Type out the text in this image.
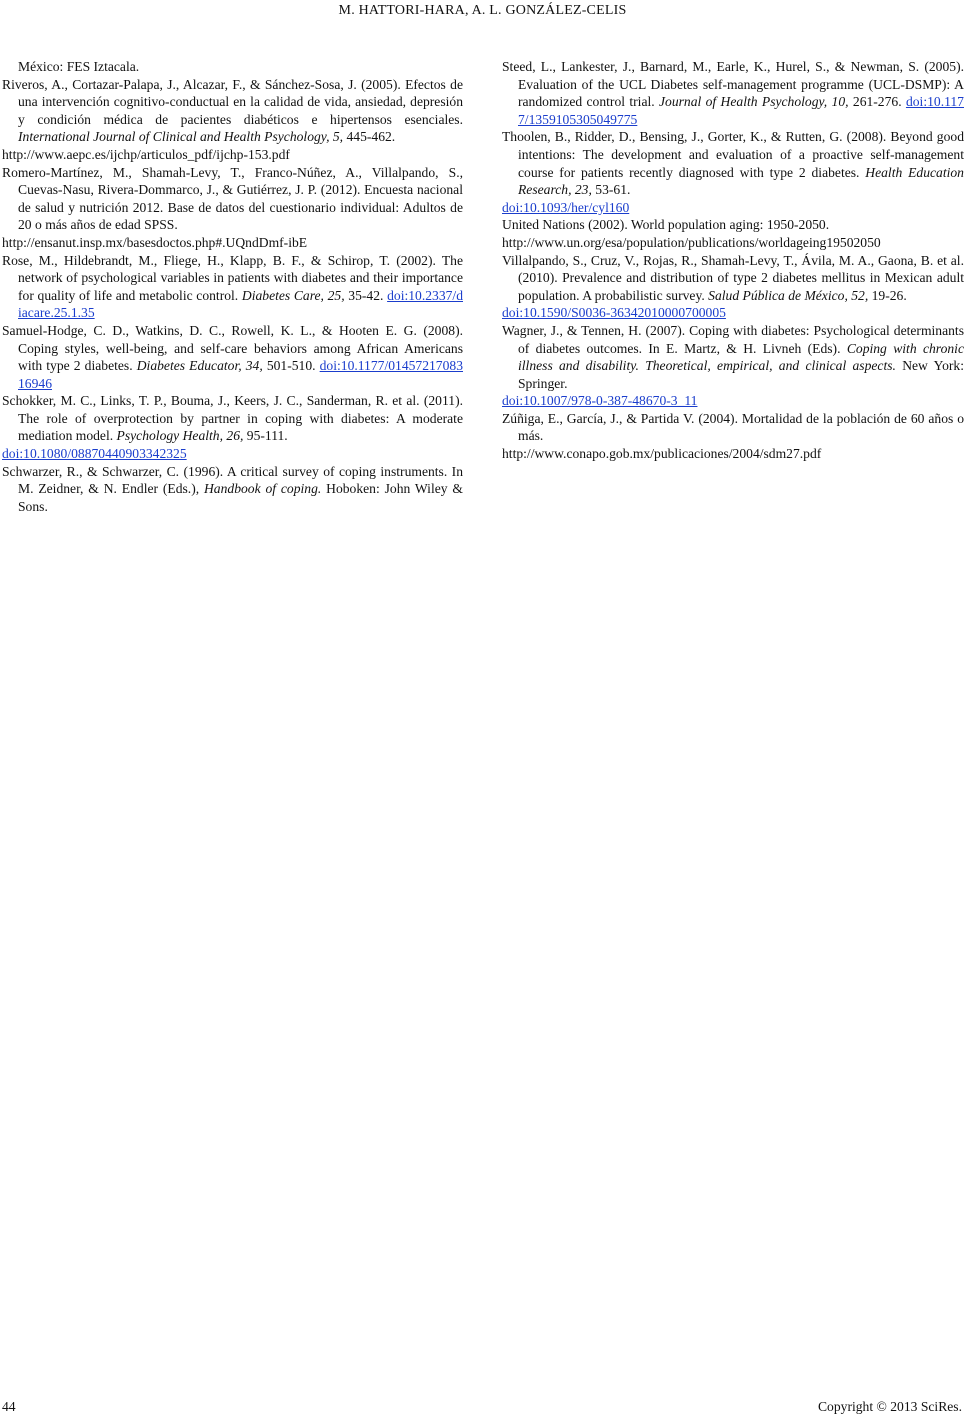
M. HATTORI-HARA, A. L. GONZÁLEZ-CELIS

México: FES Iztacala.

Riveros, A., Cortazar-Palapa, J., Alcazar, F., & Sánchez-Sosa, J. (2005). Efectos de una intervención cognitivo-conductual en la calidad de vida, ansiedad, depresión y condición médica de pacientes diabéticos e hipertensos esenciales. International Journal of Clinical and Health Psychology, 5, 445-462.
http://www.aepc.es/ijchp/articulos_pdf/ijchp-153.pdf

Romero-Martínez, M., Shamah-Levy, T., Franco-Núñez, A., Villalpando, S., Cuevas-Nasu, Rivera-Dommarco, J., & Gutiérrez, J. P. (2012). Encuesta nacional de salud y nutrición 2012. Base de datos del cuestionario individual: Adultos de 20 o más años de edad SPSS.
http://ensanut.insp.mx/basesdoctos.php#.UQndDmf-ibE

Rose, M., Hildebrandt, M., Fliege, H., Klapp, B. F., & Schirop, T. (2002). The network of psychological variables in patients with diabetes and their importance for quality of life and metabolic control. Diabetes Care, 25, 35-42. doi:10.2337/diacare.25.1.35

Samuel-Hodge, C. D., Watkins, D. C., Rowell, K. L., & Hooten E. G. (2008). Coping styles, well-being, and self-care behaviors among African Americans with type 2 diabetes. Diabetes Educator, 34, 501-510. doi:10.1177/0145721708316946

Schokker, M. C., Links, T. P., Bouma, J., Keers, J. C., Sanderman, R. et al. (2011). The role of overprotection by partner in coping with diabetes: A moderate mediation model. Psychology Health, 26, 95-111.
doi:10.1080/08870440903342325

Schwarzer, R., & Schwarzer, C. (1996). A critical survey of coping instruments. In M. Zeidner, & N. Endler (Eds.), Handbook of coping. Hoboken: John Wiley & Sons.

Steed, L., Lankester, J., Barnard, M., Earle, K., Hurel, S., & Newman, S. (2005). Evaluation of the UCL Diabetes self-management programme (UCL-DSMP): A randomized control trial. Journal of Health Psychology, 10, 261-276. doi:10.1177/1359105305049775

Thoolen, B., Ridder, D., Bensing, J., Gorter, K., & Rutten, G. (2008). Beyond good intentions: The development and evaluation of a proactive self-management course for patients recently diagnosed with type 2 diabetes. Health Education Research, 23, 53-61.
doi:10.1093/her/cyl160

United Nations (2002). World population aging: 1950-2050.
http://www.un.org/esa/population/publications/worldageing19502050

Villalpando, S., Cruz, V., Rojas, R., Shamah-Levy, T., Ávila, M. A., Gaona, B. et al. (2010). Prevalence and distribution of type 2 diabetes mellitus in Mexican adult population. A probabilistic survey. Salud Pública de México, 52, 19-26.
doi:10.1590/S0036-36342010000700005

Wagner, J., & Tennen, H. (2007). Coping with diabetes: Psychological determinants of diabetes outcomes. In E. Martz, & H. Livneh (Eds). Coping with chronic illness and disability. Theoretical, empirical, and clinical aspects. New York: Springer.
doi:10.1007/978-0-387-48670-3_11

Zúñiga, E., García, J., & Partida V. (2004). Mortalidad de la población de 60 años o más.
http://www.conapo.gob.mx/publicaciones/2004/sdm27.pdf

44	Copyright © 2013 SciRes.
